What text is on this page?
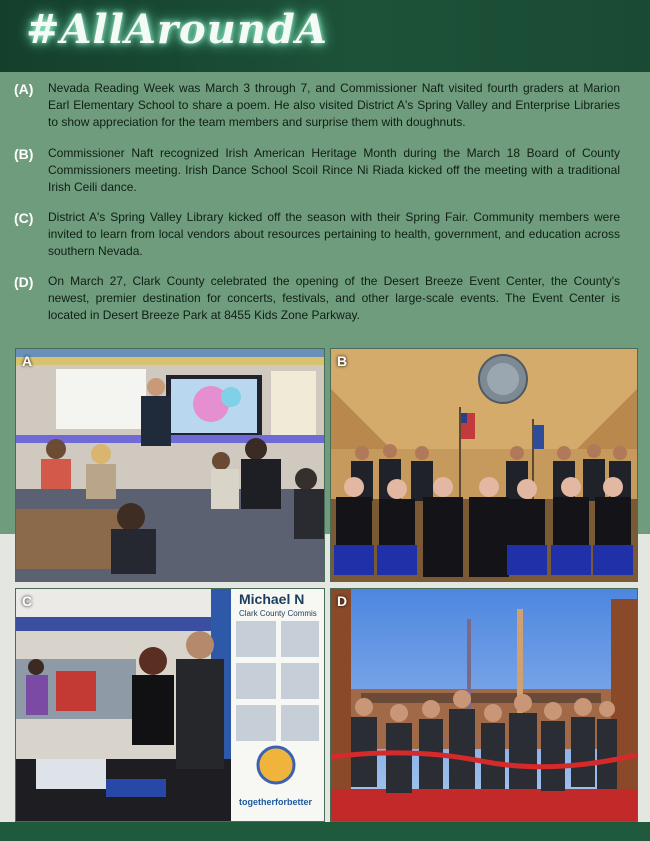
#AllAroundA
(A)	Nevada Reading Week was March 3 through 7, and Commissioner Naft visited fourth graders at Marion Earl Elementary School to share a poem. He also visited District A's Spring Valley and Enterprise Libraries to show appreciation for the team members and surprise them with doughnuts.
(B)	Commissioner Naft recognized Irish American Heritage Month during the March 18 Board of County Commissioners meeting. Irish Dance School Scoil Rince Ni Riada kicked off the meeting with a traditional Irish Ceili dance.
(C)	District A's Spring Valley Library kicked off the season with their Spring Fair. Community members were invited to learn from local vendors about resources pertaining to health, government, and education across southern Nevada.
(D)	On March 27, Clark County celebrated the opening of the Desert Breeze Event Center, the County's newest, premier destination for concerts, festivals, and other large-scale events. The Event Center is located in Desert Breeze Park at 8455 Kids Zone Parkway.
A	B
C	Michael N
Clark County Commis
togetherforbetter
D
